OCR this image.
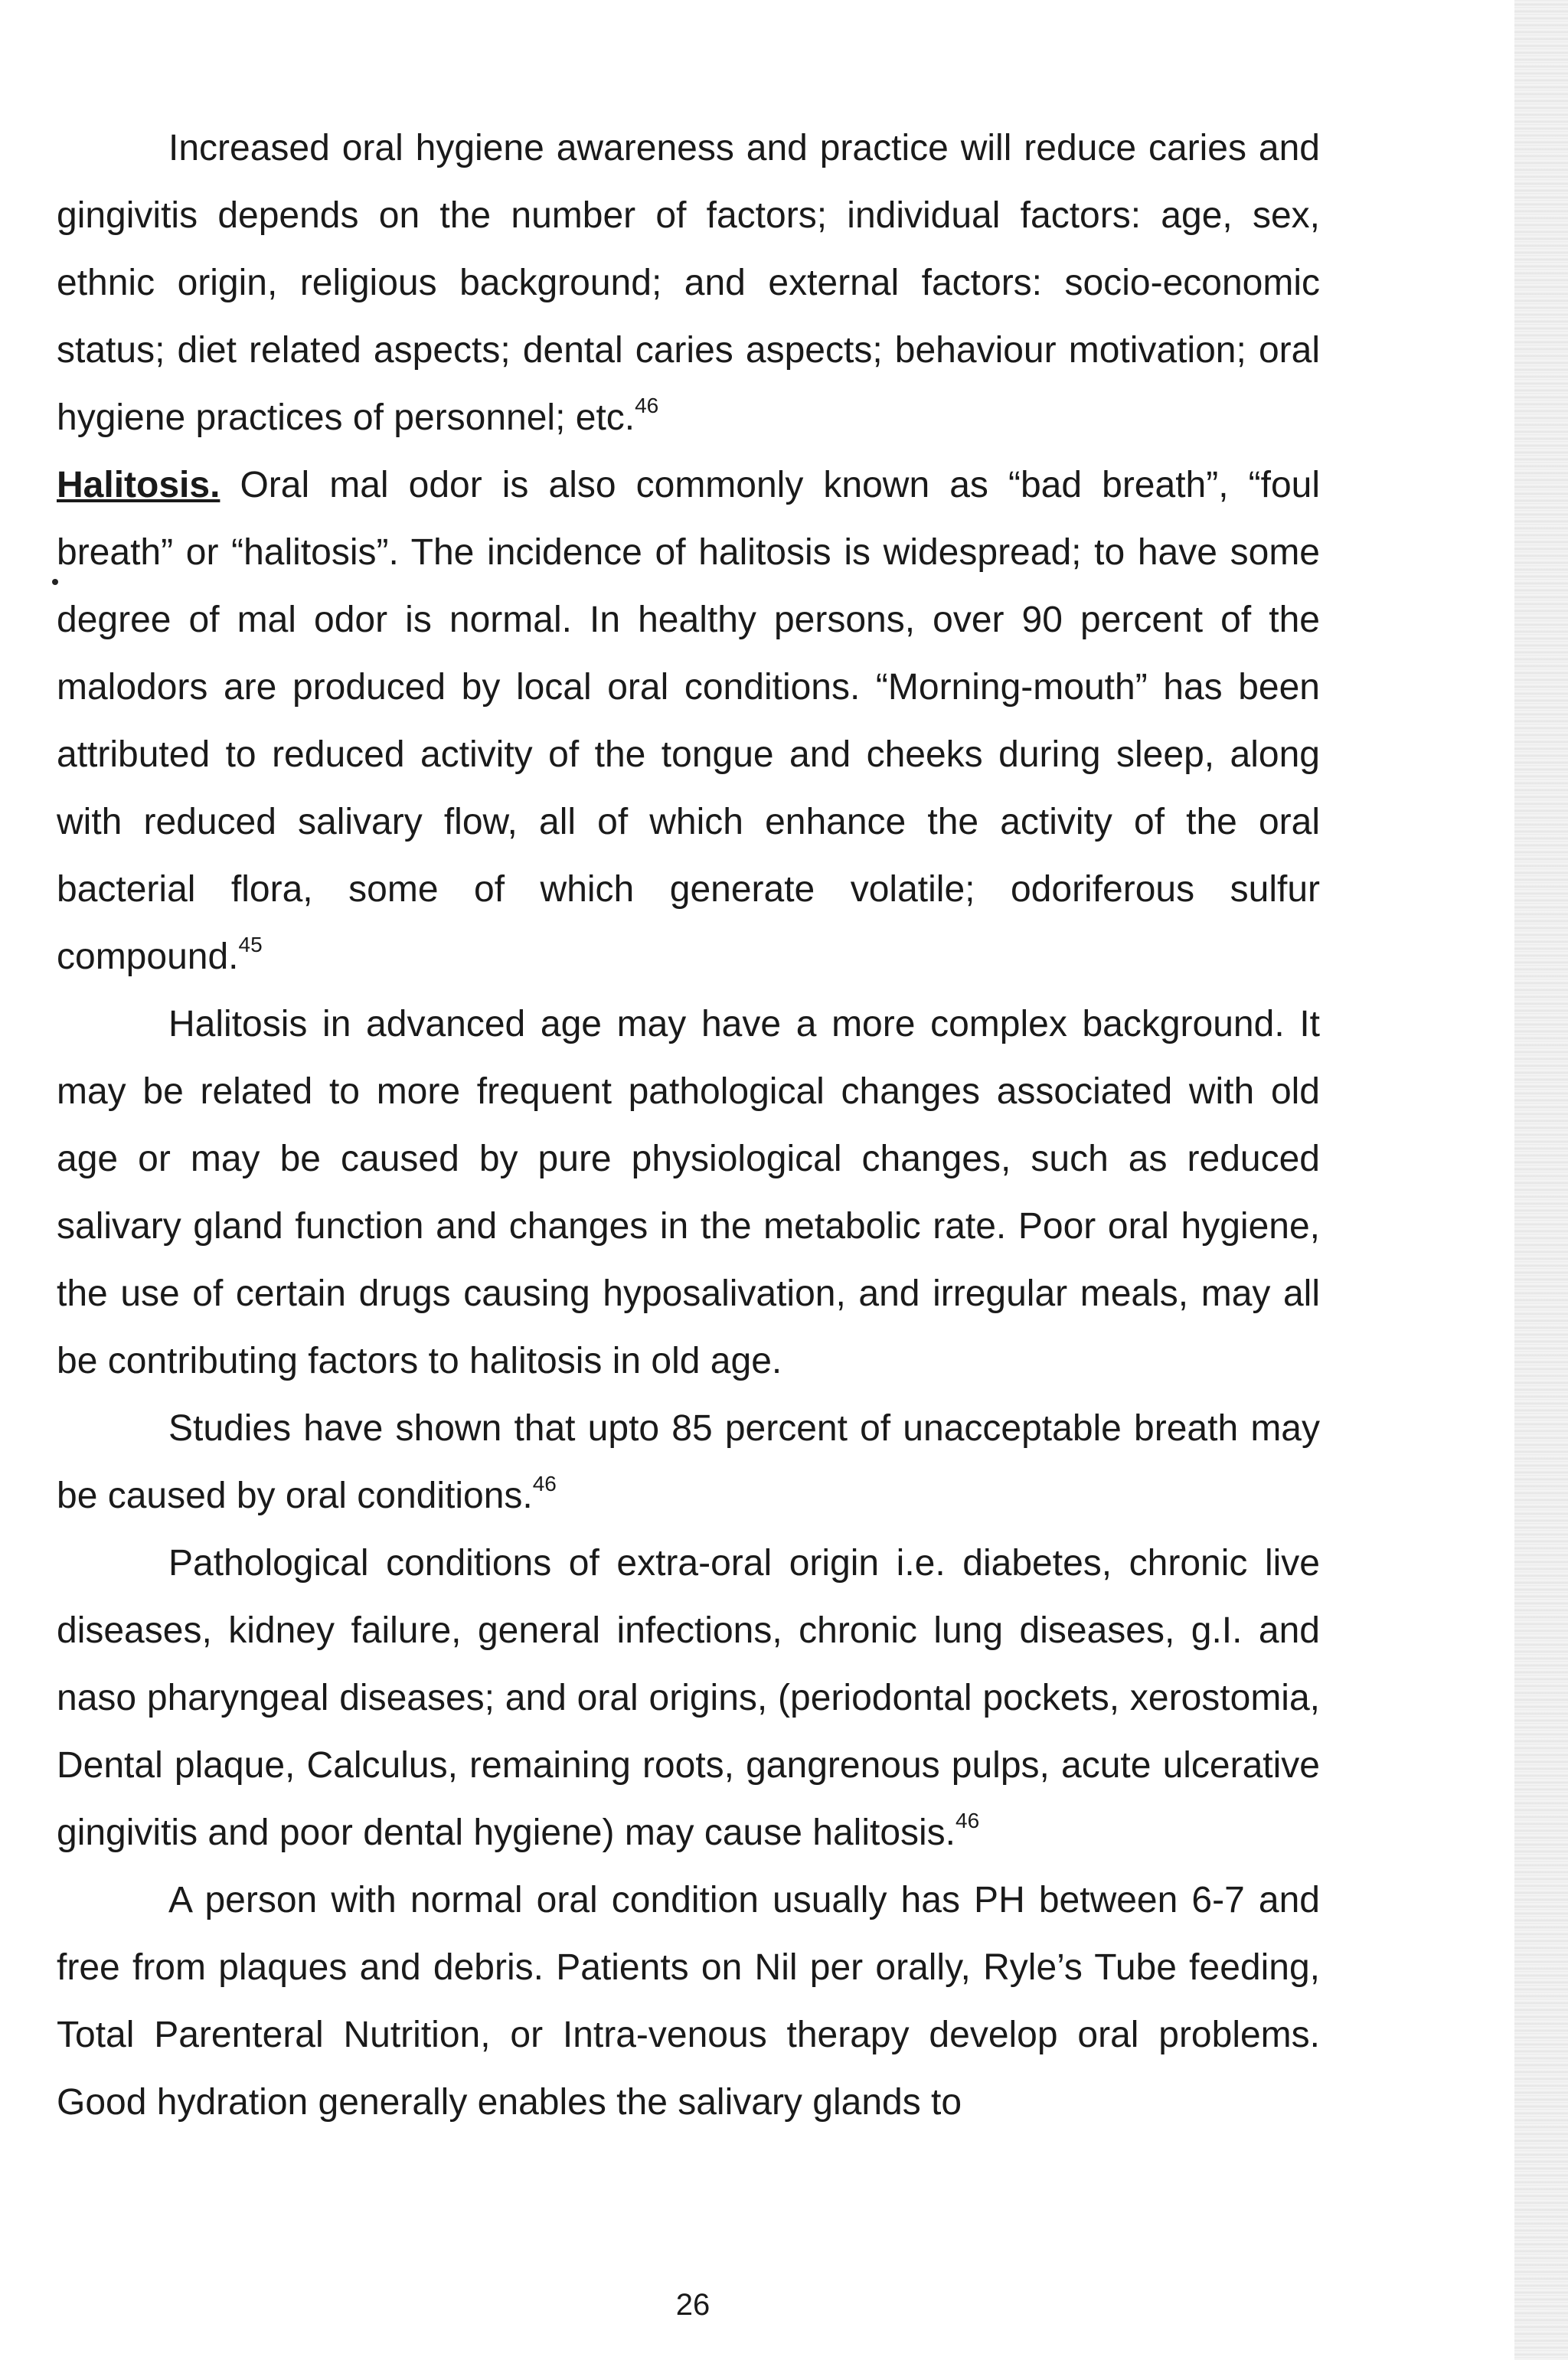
Increased oral hygiene awareness and practice will reduce caries and gingivitis depends on the number of factors; individual factors: age, sex, ethnic origin, religious background; and external factors: socio-economic status; diet related aspects; dental caries aspects; behaviour motivation; oral hygiene practices of personnel; etc.$^{46}$

Halitosis. Oral mal odor is also commonly known as “bad breath”, “foul breath” or “halitosis”. The incidence of halitosis is widespread; to have some degree of mal odor is normal. In healthy persons, over 90 percent of the malodors are produced by local oral conditions. “Morning-mouth” has been attributed to reduced activity of the tongue and cheeks during sleep, along with reduced salivary flow, all of which enhance the activity of the oral bacterial flora, some of which generate volatile; odoriferous sulfur compound.$^{45}$

Halitosis in advanced age may have a more complex background. It may be related to more frequent pathological changes associated with old age or may be caused by pure physiological changes, such as reduced salivary gland function and changes in the metabolic rate. Poor oral hygiene, the use of certain drugs causing hyposalivation, and irregular meals, may all be contributing factors to halitosis in old age.

Studies have shown that upto 85 percent of unacceptable breath may be caused by oral conditions.$^{46}$

Pathological conditions of extra-oral origin i.e. diabetes, chronic live diseases, kidney failure, general infections, chronic lung diseases, g.I. and naso pharyngeal diseases; and oral origins, (periodontal pockets, xerostomia, Dental plaque, Calculus, remaining roots, gangrenous pulps, acute ulcerative gingivitis and poor dental hygiene) may cause halitosis.$^{46}$

A person with normal oral condition usually has PH between 6-7 and free from plaques and debris. Patients on Nil per orally, Ryle’s Tube feeding, Total Parenteral Nutrition, or Intra-venous therapy develop oral problems. Good hydration generally enables the salivary glands to

26
